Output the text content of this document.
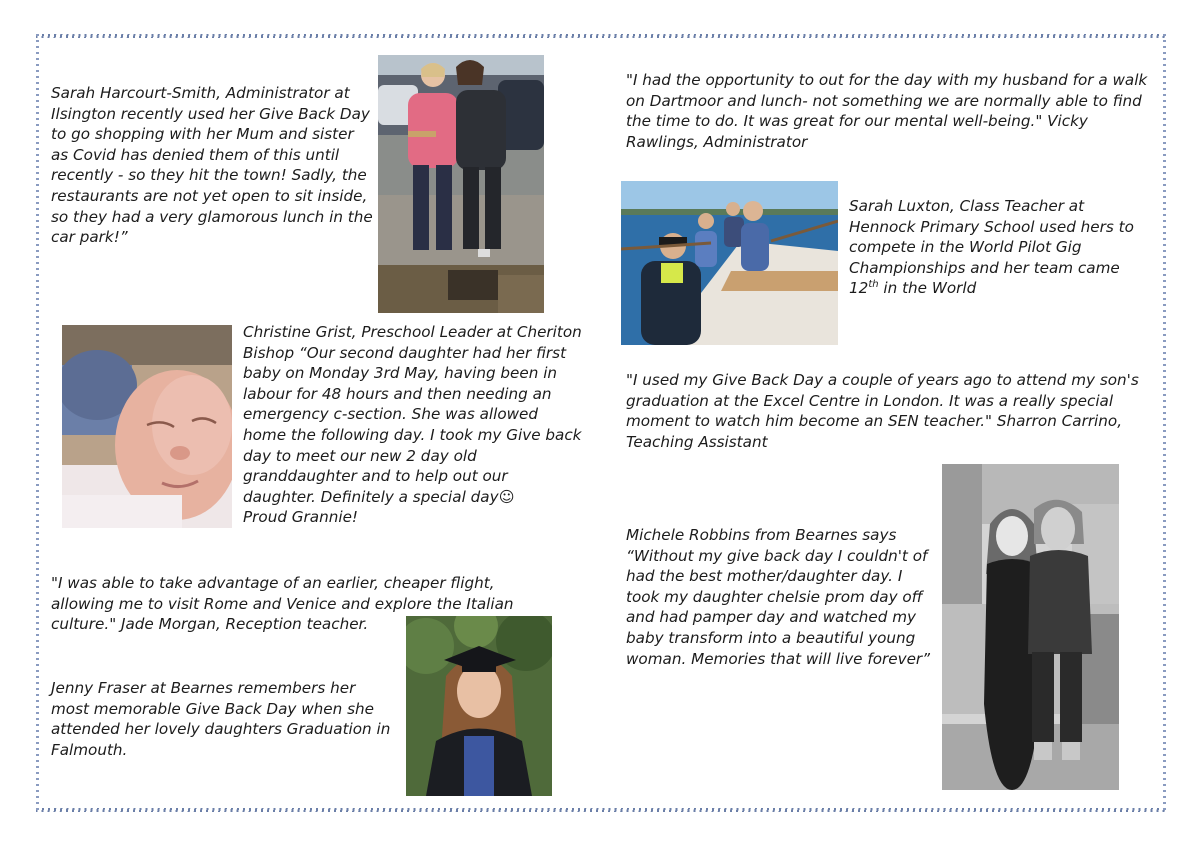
Sarah Harcourt-Smith, Administrator at Ilsington recently used her Give Back Day to go shopping with her Mum and sister as Covid has denied them of this until recently - so they hit the town! Sadly, the restaurants are not yet open to sit inside, so they had a very glamorous lunch in the car park!”

Christine Grist, Preschool Leader at Cheriton Bishop “Our second daughter had her first baby on Monday 3rd May, having been in labour for 48 hours and then needing an emergency c-section. She was allowed home the following day. I took my Give back day to meet our new 2 day old granddaughter and to help out our daughter. Definitely a special day☺
Proud Grannie!

"I was able to take advantage of an earlier, cheaper flight, allowing me to visit Rome and Venice and explore the Italian culture." Jade Morgan, Reception teacher.

Jenny Fraser at Bearnes remembers her most memorable Give Back Day when she attended her lovely daughters Graduation in Falmouth.

"I had the opportunity to out for the day with my husband for a walk on Dartmoor and lunch- not something we are normally able to find the time to do. It was great for our mental well-being." Vicky Rawlings, Administrator

Sarah Luxton, Class Teacher at Hennock Primary School used hers to compete in the World Pilot Gig Championships and her team came 12th in the World

"I used my Give Back Day a couple of years ago to attend my son's graduation at the Excel Centre in London. It was a really special moment to watch him become an SEN teacher." Sharron Carrino, Teaching Assistant

Michele Robbins from Bearnes says “Without my give back day I couldn't of had the best mother/daughter day. I took my daughter chelsie prom day off and had pamper day and watched my baby transform into a beautiful young woman. Memories that will live forever”
